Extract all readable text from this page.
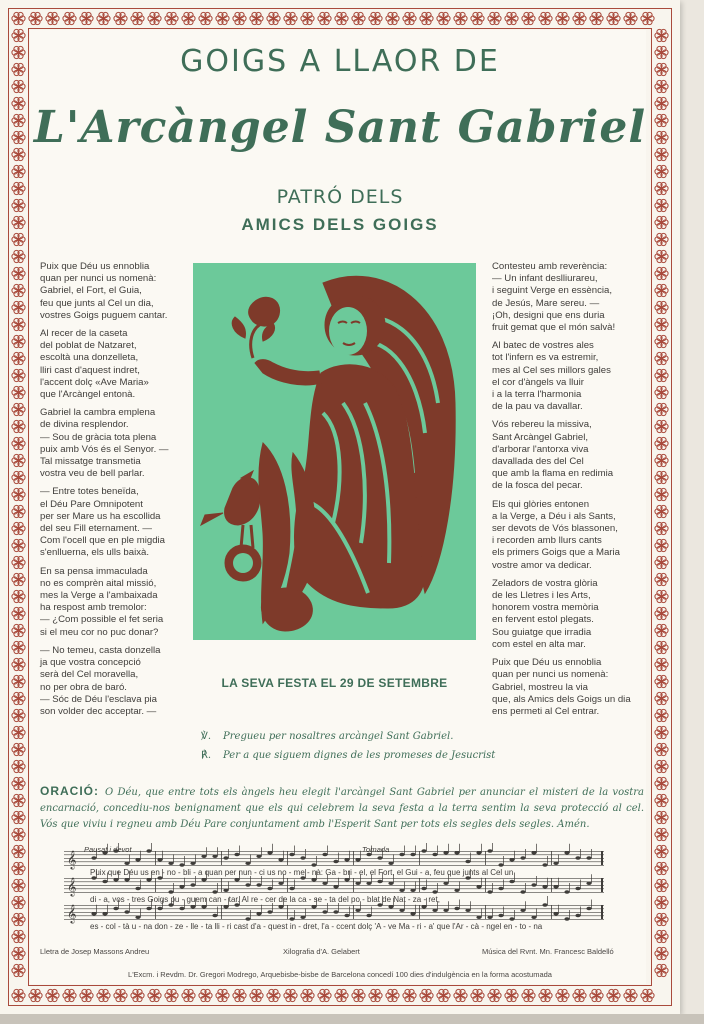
GOIGS A LLAOR DE
L'Arcàngel Sant Gabriel
PATRÓ DELS
AMICS DELS GOIGS

Puix que Déu us ennoblia
quan per nunci us nomenà:
Gabriel, el Fort, el Guia,
feu que junts al Cel un dia,
vostres Goigs puguem cantar.

Al recer de la caseta
del poblat de Natzaret,
escoltà una donzelleta,
lliri cast d'aquest indret,
l'accent dolç «Ave Maria»
que l'Arcàngel entonà.

Gabriel la cambra emplena
de divina resplendor.
— Sou de gràcia tota plena
puix amb Vós és el Senyor. —
Tal missatge transmetia
vostra veu de bell parlar.

— Entre totes beneïda,
el Déu Pare Omnipotent
per ser Mare us ha escollida
del seu Fill eternament. —
Com l'ocell que en ple migdia
s'enlluerna, els ulls baixà.

En sa pensa immaculada
no es comprèn aital missió,
mes la Verge a l'ambaixada
ha respost amb tremolor:
— ¿Com possible el fet seria
si el meu cor no puc donar?

— No temeu, casta donzella
ja que vostra concepció
serà del Cel moravella,
no per obra de baró.
— Sóc de Déu l'esclava pia
son volder dec acceptar. —

Contesteu amb reverència:
— Un infant deslliurareu,
i seguint Verge en essència,
de Jesús, Mare sereu. —
¡Oh, designi que ens duria
fruit gemat que el món salvà!

Al batec de vostres ales
tot l'infern es va estremir,
mes al Cel ses millors gales
el cor d'àngels va lluir
i a la terra l'harmonia
de la pau va davallar.

Vós rebereu la missiva,
Sant Arcàngel Gabriel,
d'arborar l'antorxa viva
davallada des del Cel
que amb la flama en redimia
de la fosca del pecar.

Els qui glòries entonen
a la Verge, a Déu i als Sants,
ser devots de Vós blassonen,
i recorden amb llurs cants
els primers Goigs que a Maria
vostre amor va dedicar.

Zeladors de vostra glòria
de les Lletres i les Arts,
honorem vostra memòria
en fervent estol plegats.
Sou guiatge que irradia
com estel en alta mar.

Puix que Déu us ennoblia
quan per nunci us nomenà:
Gabriel, mostreu la via
que, als Amics dels Goigs un dia
ens permeti al Cel entrar.

LA SEVA FESTA EL 29 DE SETEMBRE
℣. Pregueu per nosaltres arcàngel Sant Gabriel.
℟. Per a que siguem dignes de les promeses de Jesucrist
ORACIÓ: O Déu, que entre tots els àngels heu elegit l'arcàngel Sant Gabriel per anunciar el misteri de la vostra encarnació, concediu-nos benignament que els qui celebrem la seva festa a la terra sentim la seva protecció al cel. Vós que viviu i regneu amb Déu Pare conjuntament amb l'Esperit Sant per tots els segles dels segles. Amén.
𝄞
𝄞
𝄞
Pausat i devot	Tornada
Puix que Déu us en - no - bli - a quan per nun - ci us no - me - nà: Ga - bri - el, el Fort, el Gui - a, feu que junts al Cel un
di - a, vos - tres Goigs pu - guem can - tar. Al re - cer de la ca - se - ta del po - blat de Nat - za - ret,
es - col - tà u - na don - ze - lle - ta lli - ri cast d'a - quest in - dret, l'a - ccent dolç 'A - ve Ma - ri - a' que l'Ar - cà - ngel en - to - na
Lletra de Josep Massons Andreu	Xilografia d'A. Gelabert	Música del Rvnt. Mn. Francesc Baldelló
L'Excm. i Revdm. Dr. Gregori Modrego, Arquebisbe-bisbe de Barcelona concedí 100 dies d'indulgència en la forma acostumada
